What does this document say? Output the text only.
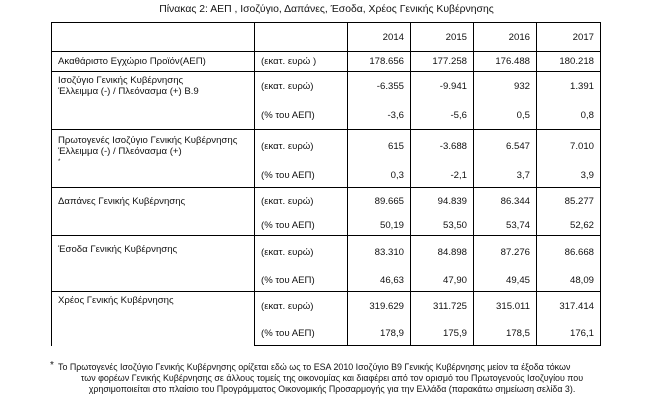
Πίνακας 2: ΑΕΠ , Ισοζύγιο, Δαπάνες, Έσοδα, Χρέος Γενικής Κυβέρνησης
		2014	2015	2016	2017
Ακαθάριστο Εγχώριο Προϊόν(ΑΕΠ)	(εκατ. ευρώ )	178.656	177.258	176.488	180.218

Ισοζύγιο Γενικής Κυβέρνησης
Έλλειμμα (-) / Πλεόνασμα (+) Β.9	(εκατ. ευρώ)	-6.355	-9.941	932	1.391
	(% του ΑΕΠ)	-3,6	-5,6	0,5	0,8

Πρωτογενές Ισοζύγιο Γενικής Κυβέρνησης
Έλλειμμα (-) / Πλεόνασμα (+)
*	(εκατ. ευρώ)	615	-3.688	6.547	7.010
	(% του ΑΕΠ)	0,3	-2,1	3,7	3,9
Δαπάνες Γενικής Κυβέρνησης	(εκατ. ευρώ)	89.665	94.839	86.344	85.277
	(% του ΑΕΠ)	50,19	53,50	53,74	52,62
Έσοδα Γενικής Κυβέρνησης	(εκατ. ευρώ)	83.310	84.898	87.276	86.668
	(% του ΑΕΠ)	46,63	47,90	49,45	48,09
Χρέος Γενικής Κυβέρνησης	(εκατ. ευρώ)	319.629	311.725	315.011	317.414
	(% του ΑΕΠ)	178,9	175,9	178,5	176,1
* Το Πρωτογενές Ισοζύγιο Γενικής Κυβέρνησης ορίζεται εδώ ως το ESA 2010 Ισοζύγιο Β9 Γενικής Κυβέρνησης μείον τα έξοδα τόκων

των φορέων Γενικής Κυβέρνησης σε άλλους τομείς της οικονομίας και διαφέρει από τον ορισμό του Πρωτογενούς Ισοζυγίου που

χρησιμοποιείται στο πλαίσιο του Προγράμματος Οικονομικής Προσαρμογής για την Ελλάδα (παρακάτω σημείωση σελίδα 3).
